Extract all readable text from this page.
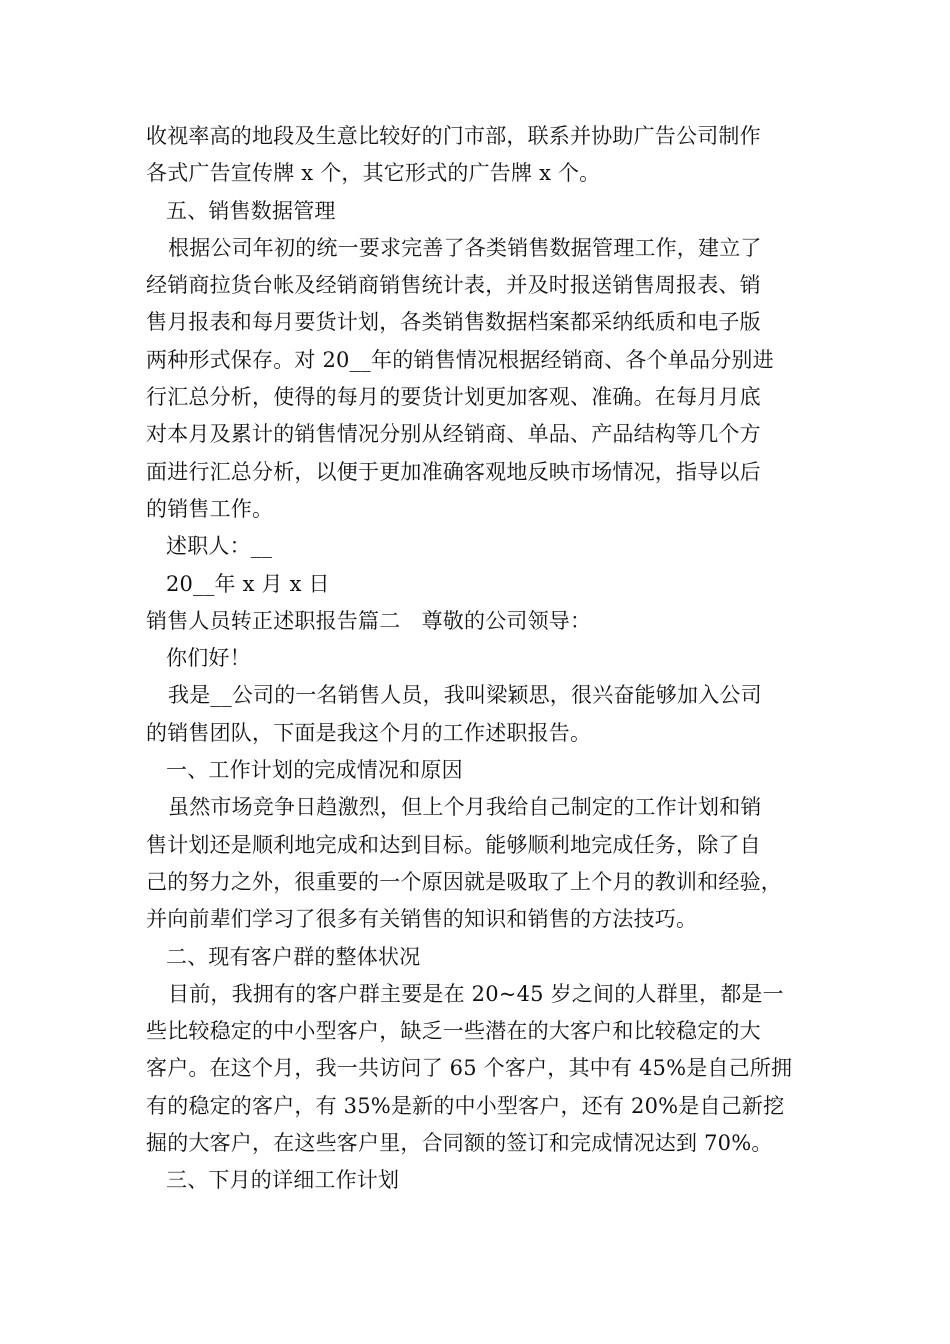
收视率高的地段及生意比较好的门市部，联系并协助广告公司制作
各式广告宣传牌 x 个，其它形式的广告牌 x 个。
五、销售数据管理
根据公司年初的统一要求完善了各类销售数据管理工作，建立了
经销商拉货台帐及经销商销售统计表，并及时报送销售周报表、销
售月报表和每月要货计划，各类销售数据档案都采纳纸质和电子版
两种形式保存。对 20__年的销售情况根据经销商、各个单品分别进
行汇总分析，使得的每月的要货计划更加客观、准确。在每月月底
对本月及累计的销售情况分别从经销商、单品、产品结构等几个方
面进行汇总分析，以便于更加准确客观地反映市场情况，指导以后
的销售工作。
述职人：__
20__年 x 月 x 日
销售人员转正述职报告篇二　尊敬的公司领导：
你们好！
我是__公司的一名销售人员，我叫梁颖思，很兴奋能够加入公司
的销售团队，下面是我这个月的工作述职报告。
一、工作计划的完成情况和原因
虽然市场竞争日趋激烈，但上个月我给自己制定的工作计划和销
售计划还是顺利地完成和达到目标。能够顺利地完成任务，除了自
己的努力之外，很重要的一个原因就是吸取了上个月的教训和经验，
并向前辈们学习了很多有关销售的知识和销售的方法技巧。
二、现有客户群的整体状况
目前，我拥有的客户群主要是在 20~45 岁之间的人群里，都是一
些比较稳定的中小型客户，缺乏一些潜在的大客户和比较稳定的大
客户。在这个月，我一共访问了 65 个客户，其中有 45%是自己所拥
有的稳定的客户，有 35%是新的中小型客户，还有 20%是自己新挖
掘的大客户，在这些客户里，合同额的签订和完成情况达到 70%。
三、下月的详细工作计划
